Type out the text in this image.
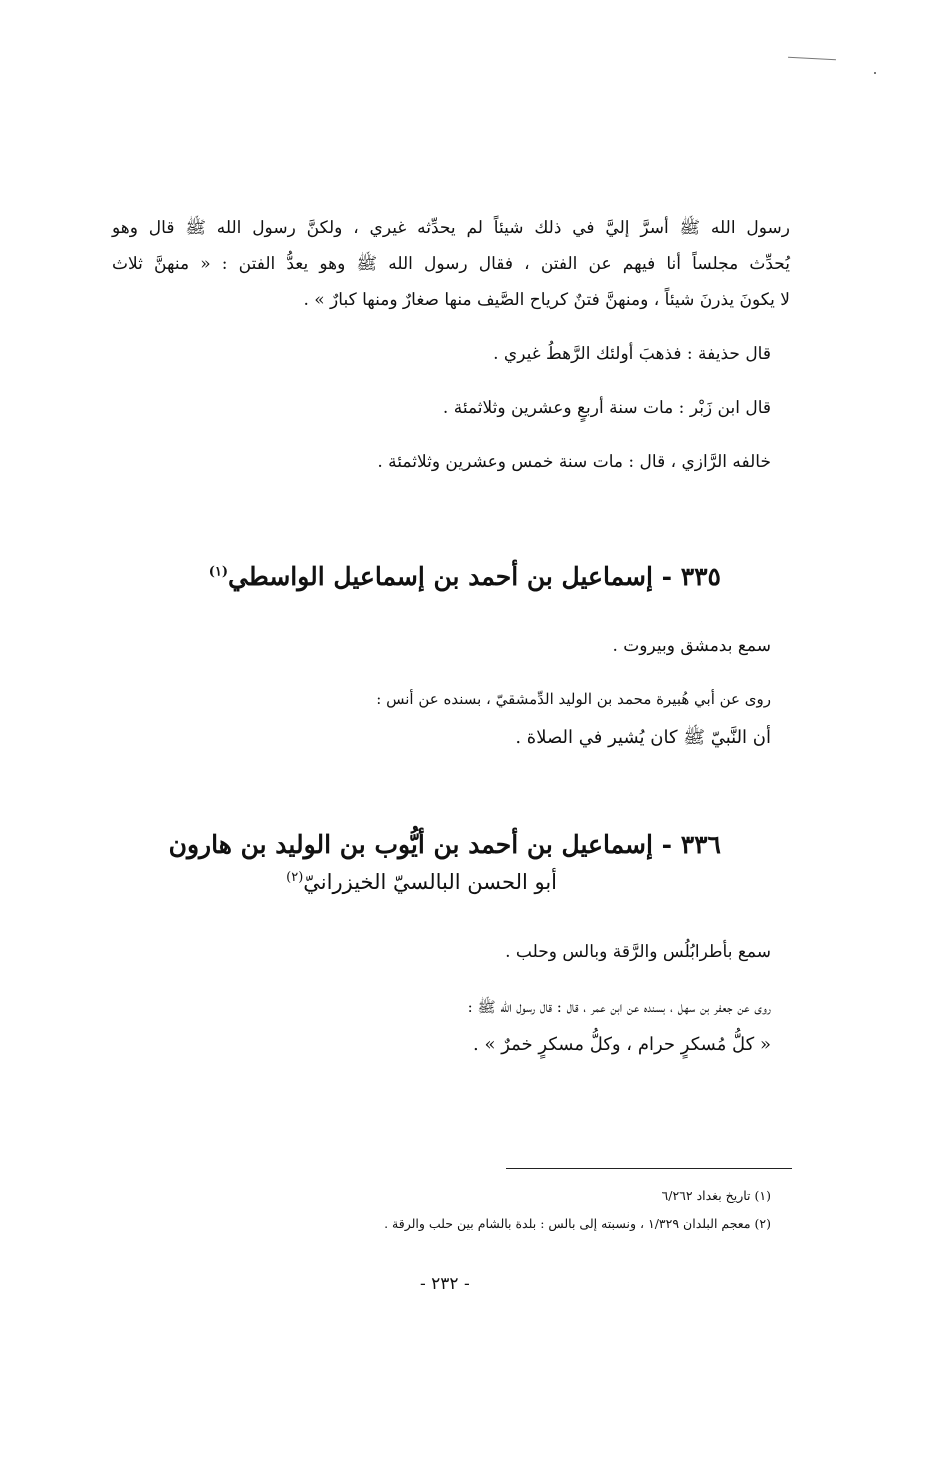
رسول الله ﷺ أسرَّ إليَّ في ذلك شيئاً لم يحدِّثه غيري ، ولكنَّ رسول الله ﷺ قال وهو
يُحدِّث مجلساً أنا فيهم عن الفتن ، فقال رسول الله ﷺ وهو يعدُّ الفتن : « منهنَّ ثلاث
لا يكونَ يذرنَ شيئاً ، ومنهنَّ فتنٌ كرياح الصَّيف منها صغارٌ ومنها كبارٌ » .
قال حذيفة : فذهبَ أولئك الرَّهطُ غيري .
قال ابن زَبْر : مات سنة أربعٍ وعشرين وثلاثمئة .
خالفه الرَّازي ، قال : مات سنة خمس وعشرين وثلاثمئة .
٣٣٥ - إسماعيل بن أحمد بن إسماعيل الواسطي$^{(١)}$
سمع بدمشق وبيروت .
روى عن أبي هُبيرة محمد بن الوليد الدِّمشقيّ ، بسنده عن أنس :
أن النَّبيّ ﷺ كان يُشير في الصلاة .
٣٣٦ - إسماعيل بن أحمد بن أيُّوب بن الوليد بن هارون
أبو الحسن البالسيّ الخيزرانيّ$^{(٢)}$
سمع بأطرابُلُس والرَّقة وبالس وحلب .
روى عن جعفر بن سهل ، بسنده عن ابن عمر ، قال : قال رسول الله ﷺ :
« كلُّ مُسكرٍ حرام ، وكلُّ مسكرٍ خمرٌ » .
(١) تاريخ بغداد ٦/٢٦٢
(٢) معجم البلدان ١/٣٢٩ ، ونسبته إلى بالس : بلدة بالشام بين حلب والرقة .
- ٢٣٢ -
